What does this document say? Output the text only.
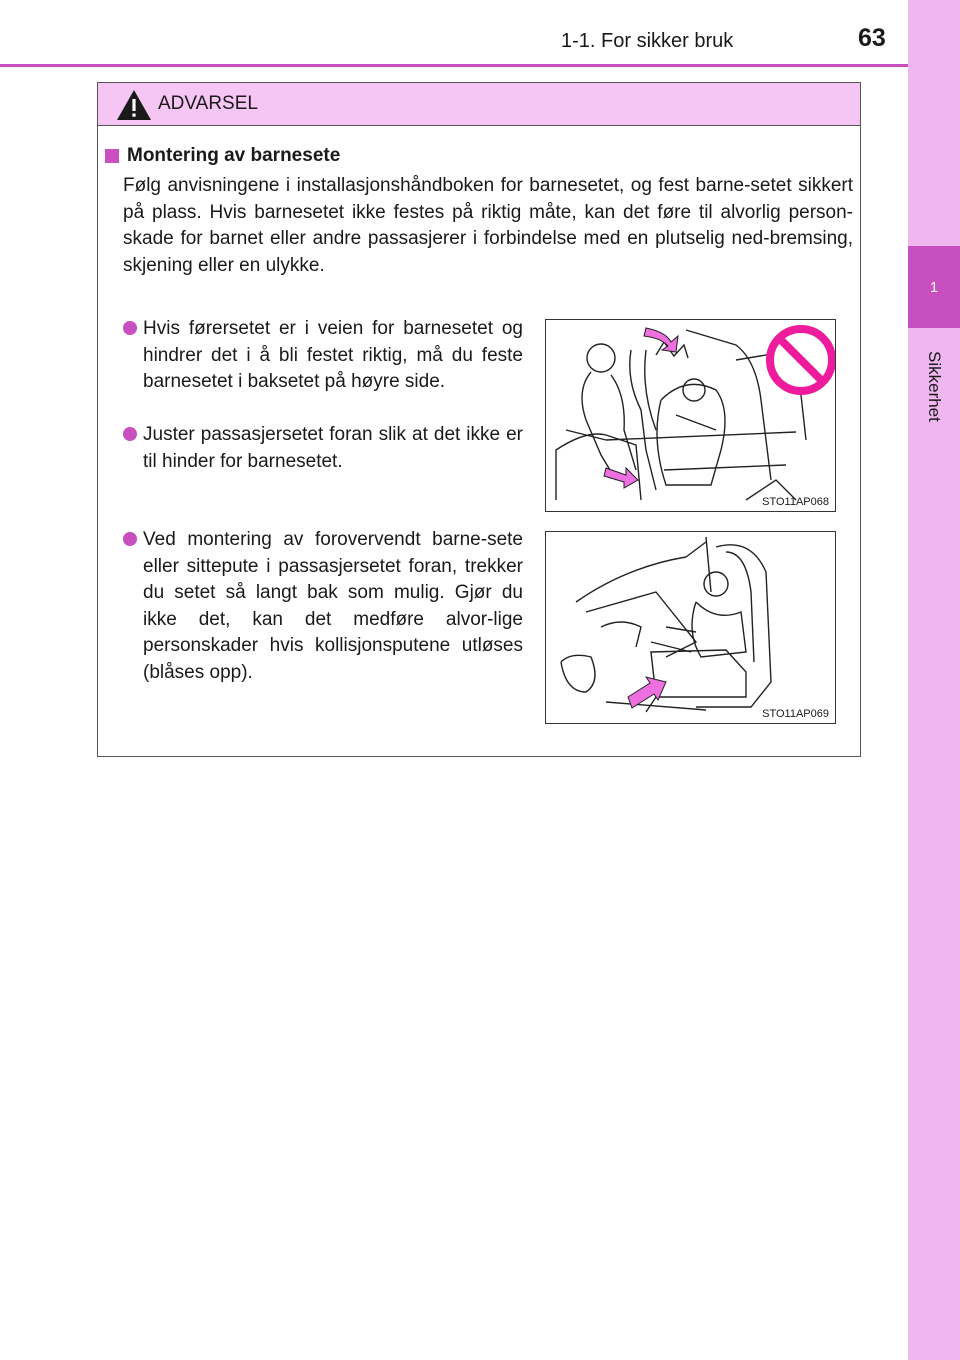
1
Sikkerhet
1-1. For sikker bruk	63
ADVARSEL
Montering av barnesete

Følg anvisningene i installasjonshåndboken for barnesetet, og fest barne-setet sikkert på plass. Hvis barnesetet ikke festes på riktig måte, kan det føre til alvorlig person-skade for barnet eller andre passasjerer i forbindelse med en plutselig ned-bremsing, skjening eller en ulykke.

Hvis førersetet er i veien for barnesetet og hindrer det i å bli festet riktig, må du feste barnesetet i baksetet på høyre side.

Juster passasjersetet foran slik at det ikke er til hinder for barnesetet.

Ved montering av forovervendt barne-sete eller sittepute i passasjersetet foran, trekker du setet så langt bak som mulig. Gjør du ikke det, kan det medføre alvor-lige personskader hvis kollisjonsputene utløses (blåses opp).

STO11AP068
STO11AP069
